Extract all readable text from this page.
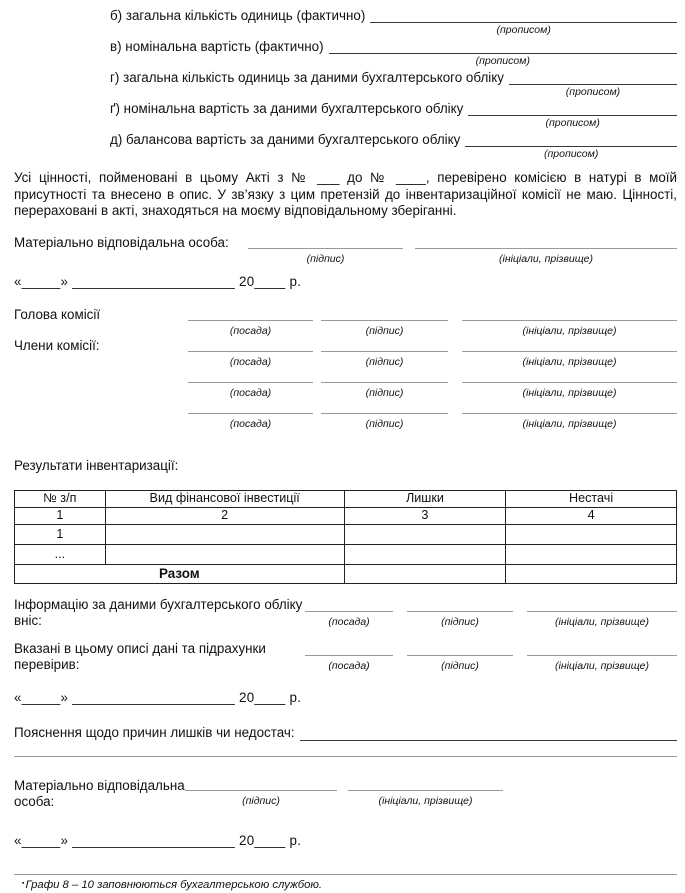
б) загальна кількість одиниць (фактично)
(прописом)
в) номінальна вартість (фактично)
(прописом)
г) загальна кількість одиниць за даними бухгалтерського обліку
(прописом)
ґ) номінальна вартість за даними бухгалтерського обліку
(прописом)
д) балансова вартість за даними бухгалтерського обліку
(прописом)

Усі цінності, пойменовані в цьому Акті з № ___ до № ____, перевірено комісією в натурі в моїй присутності та внесено в опис. У зв’язку з цим претензій до інвентаризаційної комісії не маю. Цінності, перераховані в акті, знаходяться на моєму відповідальному зберіганні.

Матеріально відповідальна особа:
(підпис)	(ініціали, прізвище)
«_____» _____________________ 20____ р.
Голова комісії
(посада)	(підпис)	(ініціали, прізвище)
Члени комісії:
(посада)	(підпис)	(ініціали, прізвище)
(посада)	(підпис)	(ініціали, прізвище)
(посада)	(підпис)	(ініціали, прізвище)
Результати інвентаризації:
№ з/п	Вид фінансової інвестиції	Лишки	Нестачі
1	2	3	4
1			
...			
Разом			
Інформацію за даними бухгалтерського обліку вніс:	(посада)	(підпис)	(ініціали, прізвище)
Вказані в цьому описі дані та підрахунки перевірив:	(посада)	(підпис)	(ініціали, прізвище)
«_____» _____________________ 20____ р.
Пояснення щодо причин лишків чи недостач:
Матеріально відповідальна особа:	(підпис)	(ініціали, прізвище)
«_____» _____________________ 20____ р.
▪Графи 8 – 10 заповнюються бухгалтерською службою.
